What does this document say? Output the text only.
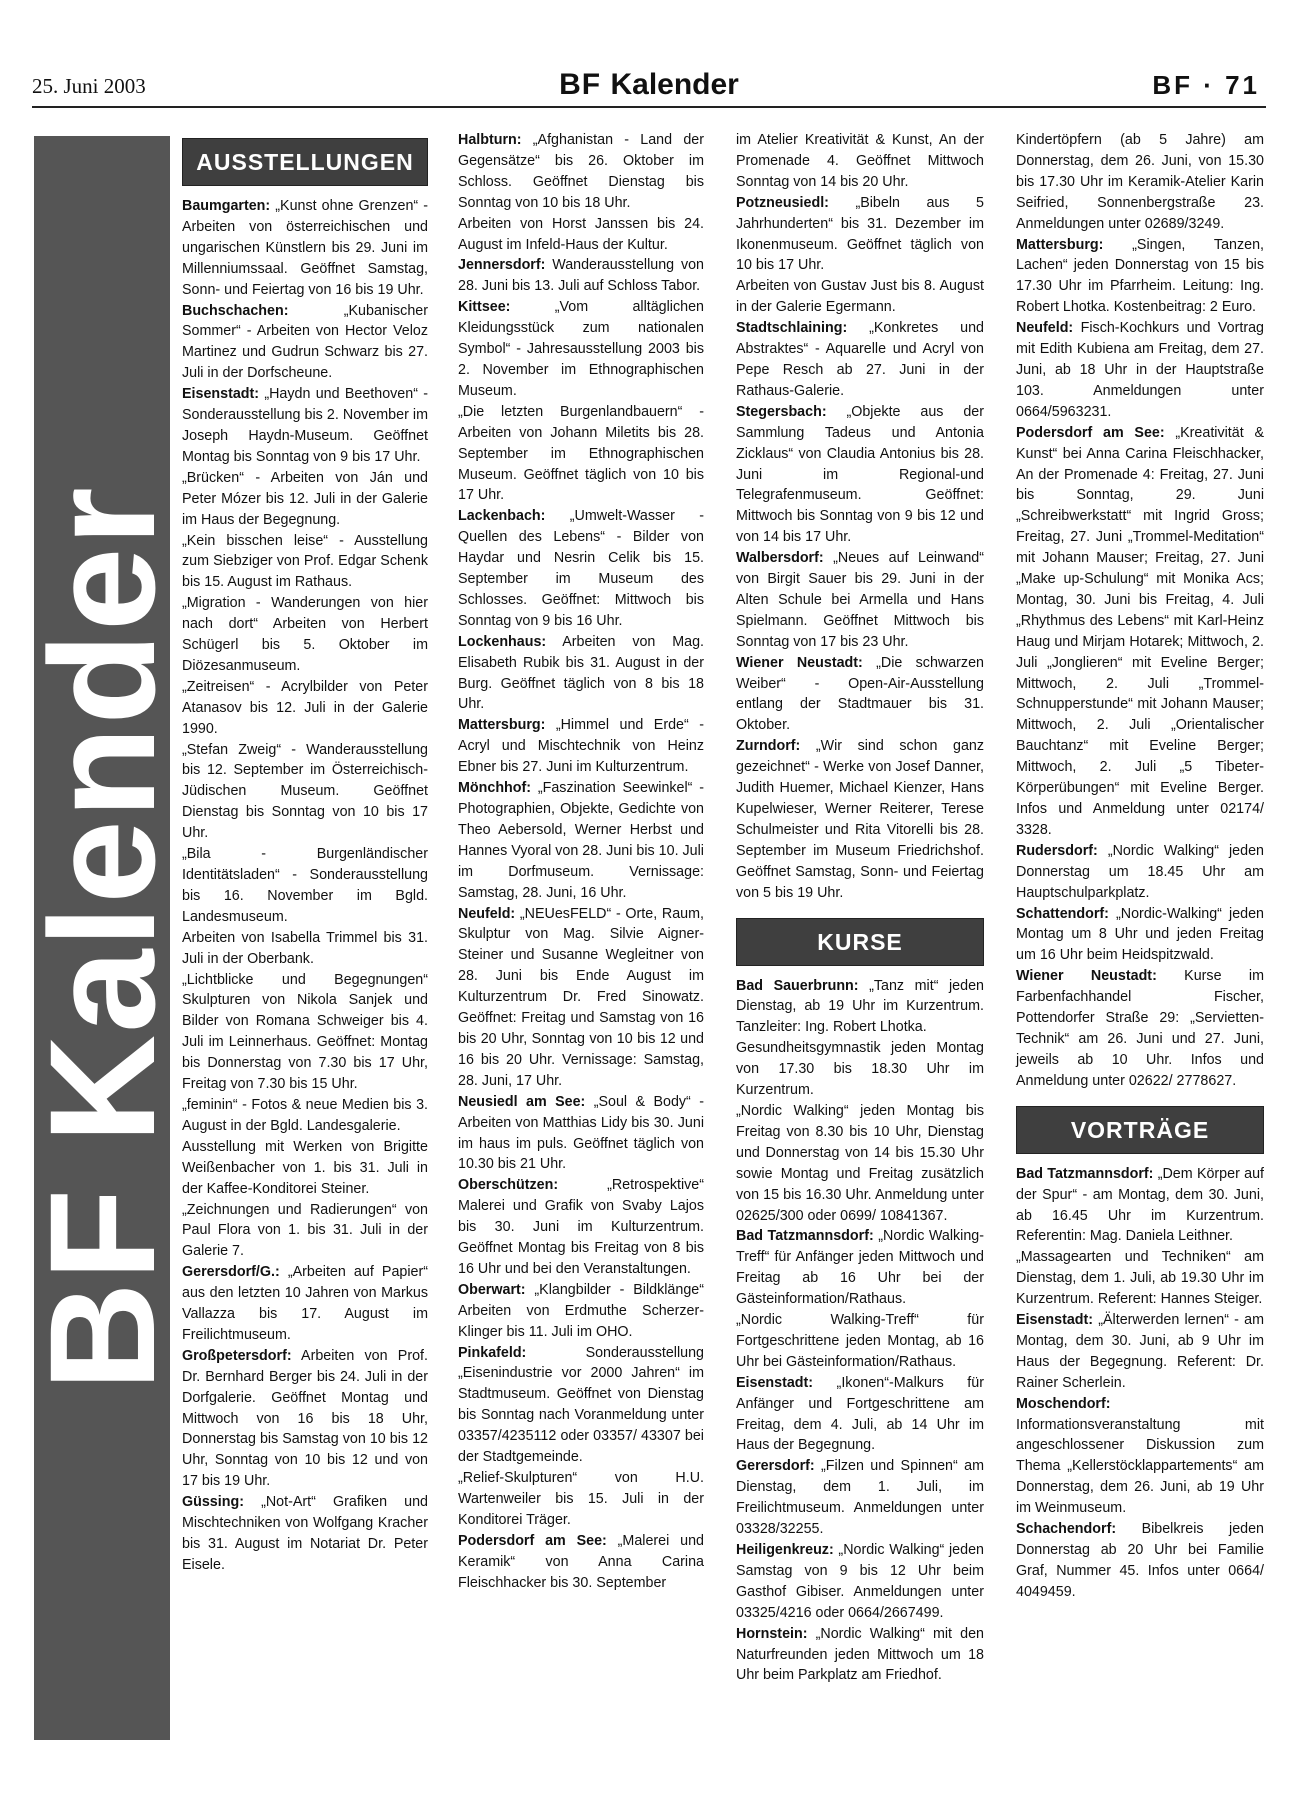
25. Juni 2003	BF Kalender	BF · 71
BF Kalender
AUSSTELLUNGEN

Baumgarten: „Kunst ohne Grenzen“ - Arbeiten von österreichischen und ungarischen Künstlern bis 29. Juni im Millenniumssaal. Geöffnet Samstag, Sonn- und Feiertag von 16 bis 19 Uhr.

Buchschachen: „Kubanischer Sommer“ - Arbeiten von Hector Veloz Martinez und Gudrun Schwarz bis 27. Juli in der Dorfscheune.

Eisenstadt: „Haydn und Beethoven“ - Sonderausstellung bis 2. November im Joseph Haydn-Museum. Geöffnet Montag bis Sonntag von 9 bis 17 Uhr.

„Brücken“ - Arbeiten von Ján und Peter Mózer bis 12. Juli in der Galerie im Haus der Begegnung.

„Kein bisschen leise“ - Ausstellung zum Siebziger von Prof. Edgar Schenk bis 15. August im Rathaus.

„Migration - Wanderungen von hier nach dort“ Arbeiten von Herbert Schügerl bis 5. Oktober im Diözesanmuseum.

„Zeitreisen“ - Acrylbilder von Peter Atanasov bis 12. Juli in der Galerie 1990.

„Stefan Zweig“ - Wanderausstellung bis 12. September im Österreichisch-Jüdischen Museum. Geöffnet Dienstag bis Sonntag von 10 bis 17 Uhr.

„Bila - Burgenländischer Identitätsladen“ - Sonderausstellung bis 16. November im Bgld. Landesmuseum.

Arbeiten von Isabella Trimmel bis 31. Juli in der Oberbank.

„Lichtblicke und Begegnungen“ Skulpturen von Nikola Sanjek und Bilder von Romana Schweiger bis 4. Juli im Leinnerhaus. Geöffnet: Montag bis Donnerstag von 7.30 bis 17 Uhr, Freitag von 7.30 bis 15 Uhr.

„feminin“ - Fotos & neue Medien bis 3. August in der Bgld. Landesgalerie.

Ausstellung mit Werken von Brigitte Weißenbacher von 1. bis 31. Juli in der Kaffee-Konditorei Steiner.

„Zeichnungen und Radierungen“ von Paul Flora von 1. bis 31. Juli in der Galerie 7.

Gerersdorf/G.: „Arbeiten auf Papier“ aus den letzten 10 Jahren von Markus Vallazza bis 17. August im Freilichtmuseum.

Großpetersdorf: Arbeiten von Prof. Dr. Bernhard Berger bis 24. Juli in der Dorfgalerie. Geöffnet Montag und Mittwoch von 16 bis 18 Uhr, Donnerstag bis Samstag von 10 bis 12 Uhr, Sonntag von 10 bis 12 und von 17 bis 19 Uhr.

Güssing: „Not-Art“ Grafiken und Mischtechniken von Wolfgang Kracher bis 31. August im Notariat Dr. Peter Eisele.

Halbturn: „Afghanistan - Land der Gegensätze“ bis 26. Oktober im Schloss. Geöffnet Dienstag bis Sonntag von 10 bis 18 Uhr.

Arbeiten von Horst Janssen bis 24. August im Infeld-Haus der Kultur.

Jennersdorf: Wanderausstellung von 28. Juni bis 13. Juli auf Schloss Tabor.

Kittsee: „Vom alltäglichen Kleidungsstück zum nationalen Symbol“ - Jahresausstellung 2003 bis 2. November im Ethnographischen Museum.

„Die letzten Burgenlandbauern“ - Arbeiten von Johann Miletits bis 28. September im Ethnographischen Museum. Geöffnet täglich von 10 bis 17 Uhr.

Lackenbach: „Umwelt-Wasser - Quellen des Lebens“ - Bilder von Haydar und Nesrin Celik bis 15. September im Museum des Schlosses. Geöffnet: Mittwoch bis Sonntag von 9 bis 16 Uhr.

Lockenhaus: Arbeiten von Mag. Elisabeth Rubik bis 31. August in der Burg. Geöffnet täglich von 8 bis 18 Uhr.

Mattersburg: „Himmel und Erde“ - Acryl und Mischtechnik von Heinz Ebner bis 27. Juni im Kulturzentrum.

Mönchhof: „Faszination Seewinkel“ - Photographien, Objekte, Gedichte von Theo Aebersold, Werner Herbst und Hannes Vyoral von 28. Juni bis 10. Juli im Dorfmuseum. Vernissage: Samstag, 28. Juni, 16 Uhr.

Neufeld: „NEUesFELD“ - Orte, Raum, Skulptur von Mag. Silvie Aigner-Steiner und Susanne Wegleitner von 28. Juni bis Ende August im Kulturzentrum Dr. Fred Sinowatz. Geöffnet: Freitag und Samstag von 16 bis 20 Uhr, Sonntag von 10 bis 12 und 16 bis 20 Uhr. Vernissage: Samstag, 28. Juni, 17 Uhr.

Neusiedl am See: „Soul & Body“ - Arbeiten von Matthias Lidy bis 30. Juni im haus im puls. Geöffnet täglich von 10.30 bis 21 Uhr.

Oberschützen: „Retrospektive“ Malerei und Grafik von Svaby Lajos bis 30. Juni im Kulturzentrum. Geöffnet Montag bis Freitag von 8 bis 16 Uhr und bei den Veranstaltungen.

Oberwart: „Klangbilder - Bildklänge“ Arbeiten von Erdmuthe Scherzer-Klinger bis 11. Juli im OHO.

Pinkafeld: Sonderausstellung „Eisenindustrie vor 2000 Jahren“ im Stadtmuseum. Geöffnet von Dienstag bis Sonntag nach Voranmeldung unter 03357/4235112 oder 03357/ 43307 bei der Stadtgemeinde.

„Relief-Skulpturen“ von H.U. Wartenweiler bis 15. Juli in der Konditorei Träger.

Podersdorf am See: „Malerei und Keramik“ von Anna Carina Fleischhacker bis 30. September

im Atelier Kreativität & Kunst, An der Promenade 4. Geöffnet Mittwoch Sonntag von 14 bis 20 Uhr.

Potzneusiedl: „Bibeln aus 5 Jahrhunderten“ bis 31. Dezember im Ikonenmuseum. Geöffnet täglich von 10 bis 17 Uhr.

Arbeiten von Gustav Just bis 8. August in der Galerie Egermann.

Stadtschlaining: „Konkretes und Abstraktes“ - Aquarelle und Acryl von Pepe Resch ab 27. Juni in der Rathaus-Galerie.

Stegersbach: „Objekte aus der Sammlung Tadeus und Antonia Zicklaus“ von Claudia Antonius bis 28. Juni im Regional-und Telegrafenmuseum. Geöffnet: Mittwoch bis Sonntag von 9 bis 12 und von 14 bis 17 Uhr.

Walbersdorf: „Neues auf Leinwand“ von Birgit Sauer bis 29. Juni in der Alten Schule bei Armella und Hans Spielmann. Geöffnet Mittwoch bis Sonntag von 17 bis 23 Uhr.

Wiener Neustadt: „Die schwarzen Weiber“ - Open-Air-Ausstellung entlang der Stadtmauer bis 31. Oktober.

Zurndorf: „Wir sind schon ganz gezeichnet“ - Werke von Josef Danner, Judith Huemer, Michael Kienzer, Hans Kupelwieser, Werner Reiterer, Terese Schulmeister und Rita Vitorelli bis 28. September im Museum Friedrichshof. Geöffnet Samstag, Sonn- und Feiertag von 5 bis 19 Uhr.

KURSE

Bad Sauerbrunn: „Tanz mit“ jeden Dienstag, ab 19 Uhr im Kurzentrum. Tanzleiter: Ing. Robert Lhotka.

Gesundheitsgymnastik jeden Montag von 17.30 bis 18.30 Uhr im Kurzentrum.

„Nordic Walking“ jeden Montag bis Freitag von 8.30 bis 10 Uhr, Dienstag und Donnerstag von 14 bis 15.30 Uhr sowie Montag und Freitag zusätzlich von 15 bis 16.30 Uhr. Anmeldung unter 02625/300 oder 0699/ 10841367.

Bad Tatzmannsdorf: „Nordic Walking-Treff“ für Anfänger jeden Mittwoch und Freitag ab 16 Uhr bei der Gästeinformation/Rathaus.

„Nordic Walking-Treff“ für Fortgeschrittene jeden Montag, ab 16 Uhr bei Gästeinformation/Rathaus.

Eisenstadt: „Ikonen“-Malkurs für Anfänger und Fortgeschrittene am Freitag, dem 4. Juli, ab 14 Uhr im Haus der Begegnung.

Gerersdorf: „Filzen und Spinnen“ am Dienstag, dem 1. Juli, im Freilichtmuseum. Anmeldungen unter 03328/32255.

Heiligenkreuz: „Nordic Walking“ jeden Samstag von 9 bis 12 Uhr beim Gasthof Gibiser. Anmeldungen unter 03325/4216 oder 0664/2667499.

Hornstein: „Nordic Walking“ mit den Naturfreunden jeden Mittwoch um 18 Uhr beim Parkplatz am Friedhof.

Kindertöpfern (ab 5 Jahre) am Donnerstag, dem 26. Juni, von 15.30 bis 17.30 Uhr im Keramik-Atelier Karin Seifried, Sonnenbergstraße 23. Anmeldungen unter 02689/3249.

Mattersburg: „Singen, Tanzen, Lachen“ jeden Donnerstag von 15 bis 17.30 Uhr im Pfarrheim. Leitung: Ing. Robert Lhotka. Kostenbeitrag: 2 Euro.

Neufeld: Fisch-Kochkurs und Vortrag mit Edith Kubiena am Freitag, dem 27. Juni, ab 18 Uhr in der Hauptstraße 103. Anmeldungen unter 0664/5963231.

Podersdorf am See: „Kreativität & Kunst“ bei Anna Carina Fleischhacker, An der Promenade 4: Freitag, 27. Juni bis Sonntag, 29. Juni „Schreibwerkstatt“ mit Ingrid Gross; Freitag, 27. Juni „Trommel-Meditation“ mit Johann Mauser; Freitag, 27. Juni „Make up-Schulung“ mit Monika Acs; Montag, 30. Juni bis Freitag, 4. Juli „Rhythmus des Lebens“ mit Karl-Heinz Haug und Mirjam Hotarek; Mittwoch, 2. Juli „Jonglieren“ mit Eveline Berger; Mittwoch, 2. Juli „Trommel-Schnupperstunde“ mit Johann Mauser; Mittwoch, 2. Juli „Orientalischer Bauchtanz“ mit Eveline Berger; Mittwoch, 2. Juli „5 Tibeter-Körperübungen“ mit Eveline Berger. Infos und Anmeldung unter 02174/ 3328.

Rudersdorf: „Nordic Walking“ jeden Donnerstag um 18.45 Uhr am Hauptschulparkplatz.

Schattendorf: „Nordic-Walking“ jeden Montag um 8 Uhr und jeden Freitag um 16 Uhr beim Heidspitzwald.

Wiener Neustadt: Kurse im Farbenfachhandel Fischer, Pottendorfer Straße 29: „Servietten-Technik“ am 26. Juni und 27. Juni, jeweils ab 10 Uhr. Infos und Anmeldung unter 02622/ 2778627.

VORTRÄGE

Bad Tatzmannsdorf: „Dem Körper auf der Spur“ - am Montag, dem 30. Juni, ab 16.45 Uhr im Kurzentrum. Referentin: Mag. Daniela Leithner.

„Massagearten und Techniken“ am Dienstag, dem 1. Juli, ab 19.30 Uhr im Kurzentrum. Referent: Hannes Steiger.

Eisenstadt: „Älterwerden lernen“ - am Montag, dem 30. Juni, ab 9 Uhr im Haus der Begegnung. Referent: Dr. Rainer Scherlein.

Moschendorf: Informationsveranstaltung mit angeschlossener Diskussion zum Thema „Kellerstöcklappartements“ am Donnerstag, dem 26. Juni, ab 19 Uhr im Weinmuseum.

Schachendorf: Bibelkreis jeden Donnerstag ab 20 Uhr bei Familie Graf, Nummer 45. Infos unter 0664/ 4049459.
